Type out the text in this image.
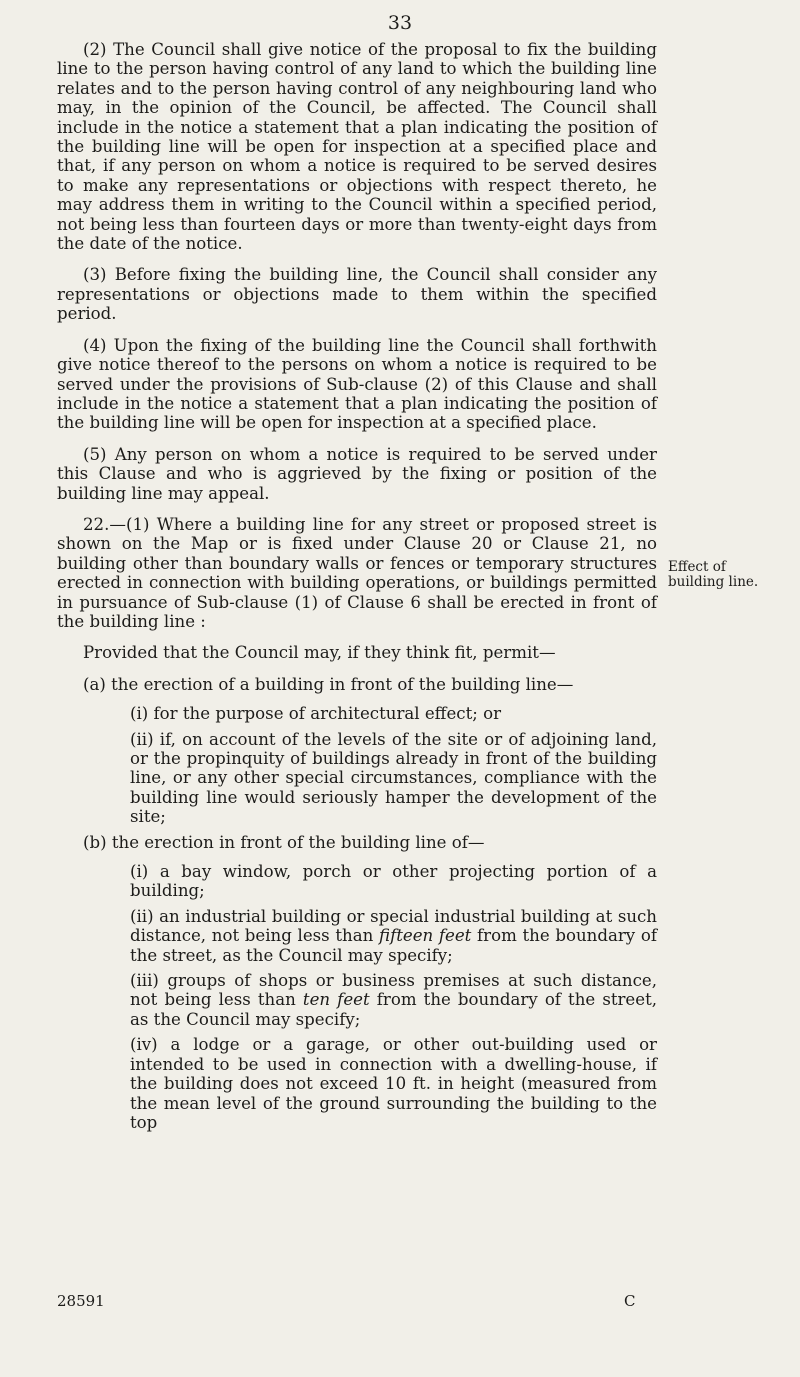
33

(2) The Council shall give notice of the proposal to fix the building line to the person having control of any land to which the building line relates and to the person having control of any neighbouring land who may, in the opinion of the Council, be affected. The Council shall include in the notice a statement that a plan indicating the position of the building line will be open for inspection at a specified place and that, if any person on whom a notice is required to be served desires to make any representations or objections with respect thereto, he may address them in writing to the Council within a specified period, not being less than fourteen days or more than twenty-eight days from the date of the notice.

(3) Before fixing the building line, the Council shall consider any representations or objections made to them within the specified period.

(4) Upon the fixing of the building line the Council shall forthwith give notice thereof to the persons on whom a notice is required to be served under the provisions of Sub-clause (2) of this Clause and shall include in the notice a statement that a plan indicating the position of the building line will be open for inspection at a specified place.

(5) Any person on whom a notice is required to be served under this Clause and who is aggrieved by the fixing or position of the building line may appeal.

22.—(1) Where a building line for any street or proposed street is shown on the Map or is fixed under Clause 20 or Clause 21, no building other than boundary walls or fences or temporary structures erected in connection with building operations, or buildings permitted in pursuance of Sub-clause (1) of Clause 6 shall be erected in front of the building line :

Provided that the Council may, if they think fit, permit—

(a) the erection of a building in front of the building line—

(i) for the purpose of architectural effect; or

(ii) if, on account of the levels of the site or of adjoining land, or the propinquity of buildings already in front of the building line, or any other special circumstances, compliance with the building line would seriously hamper the development of the site;

(b) the erection in front of the building line of—

(i) a bay window, porch or other projecting portion of a building;

(ii) an industrial building or special industrial building at such distance, not being less than fifteen feet from the boundary of the street, as the Council may specify;

(iii) groups of shops or business premises at such distance, not being less than ten feet from the boundary of the street, as the Council may specify;

(iv) a lodge or a garage, or other out-building used or intended to be used in connection with a dwelling-house, if the building does not exceed 10 ft. in height (measured from the mean level of the ground surrounding the building to the top

Effect of building line.
28591	C
